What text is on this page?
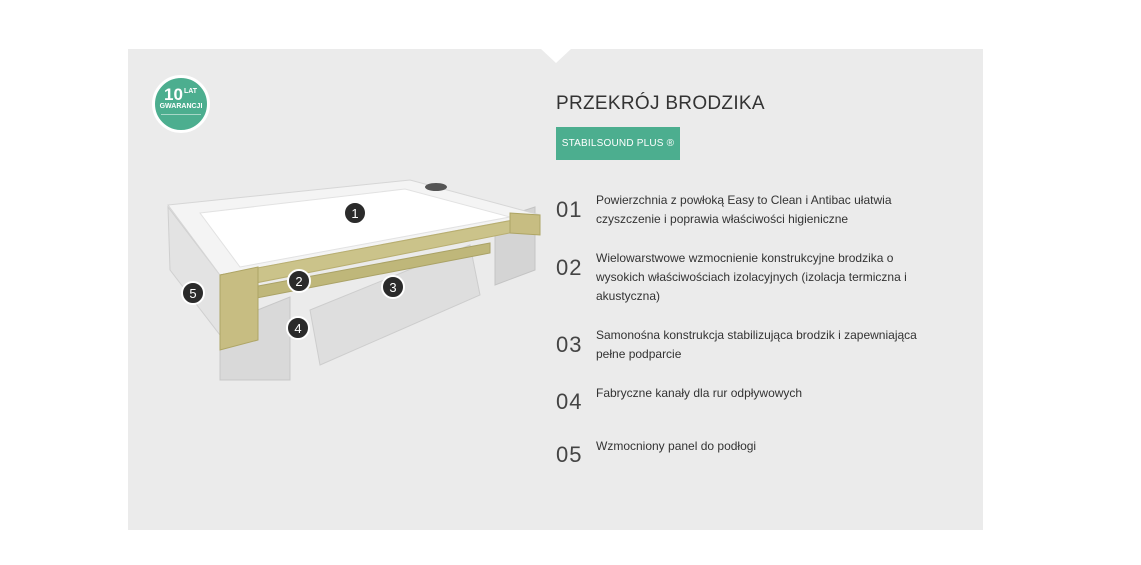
10 LAT
GWARANCJI
1
2	3
4
5
PRZEKRÓJ BRODZIKA
STABILSOUND PLUS ®
01 Powierzchnia z powłoką Easy to Clean i Antibac ułatwia czyszczenie i poprawia właściwości higieniczne
02 Wielowarstwowe wzmocnienie konstrukcyjne brodzika o wysokich właściwościach izolacyjnych (izolacja termiczna i akustyczna)
03 Samonośna konstrukcja stabilizująca brodzik i zapewniająca pełne podparcie
04 Fabryczne kanały dla rur odpływowych
05 Wzmocniony panel do podłogi
